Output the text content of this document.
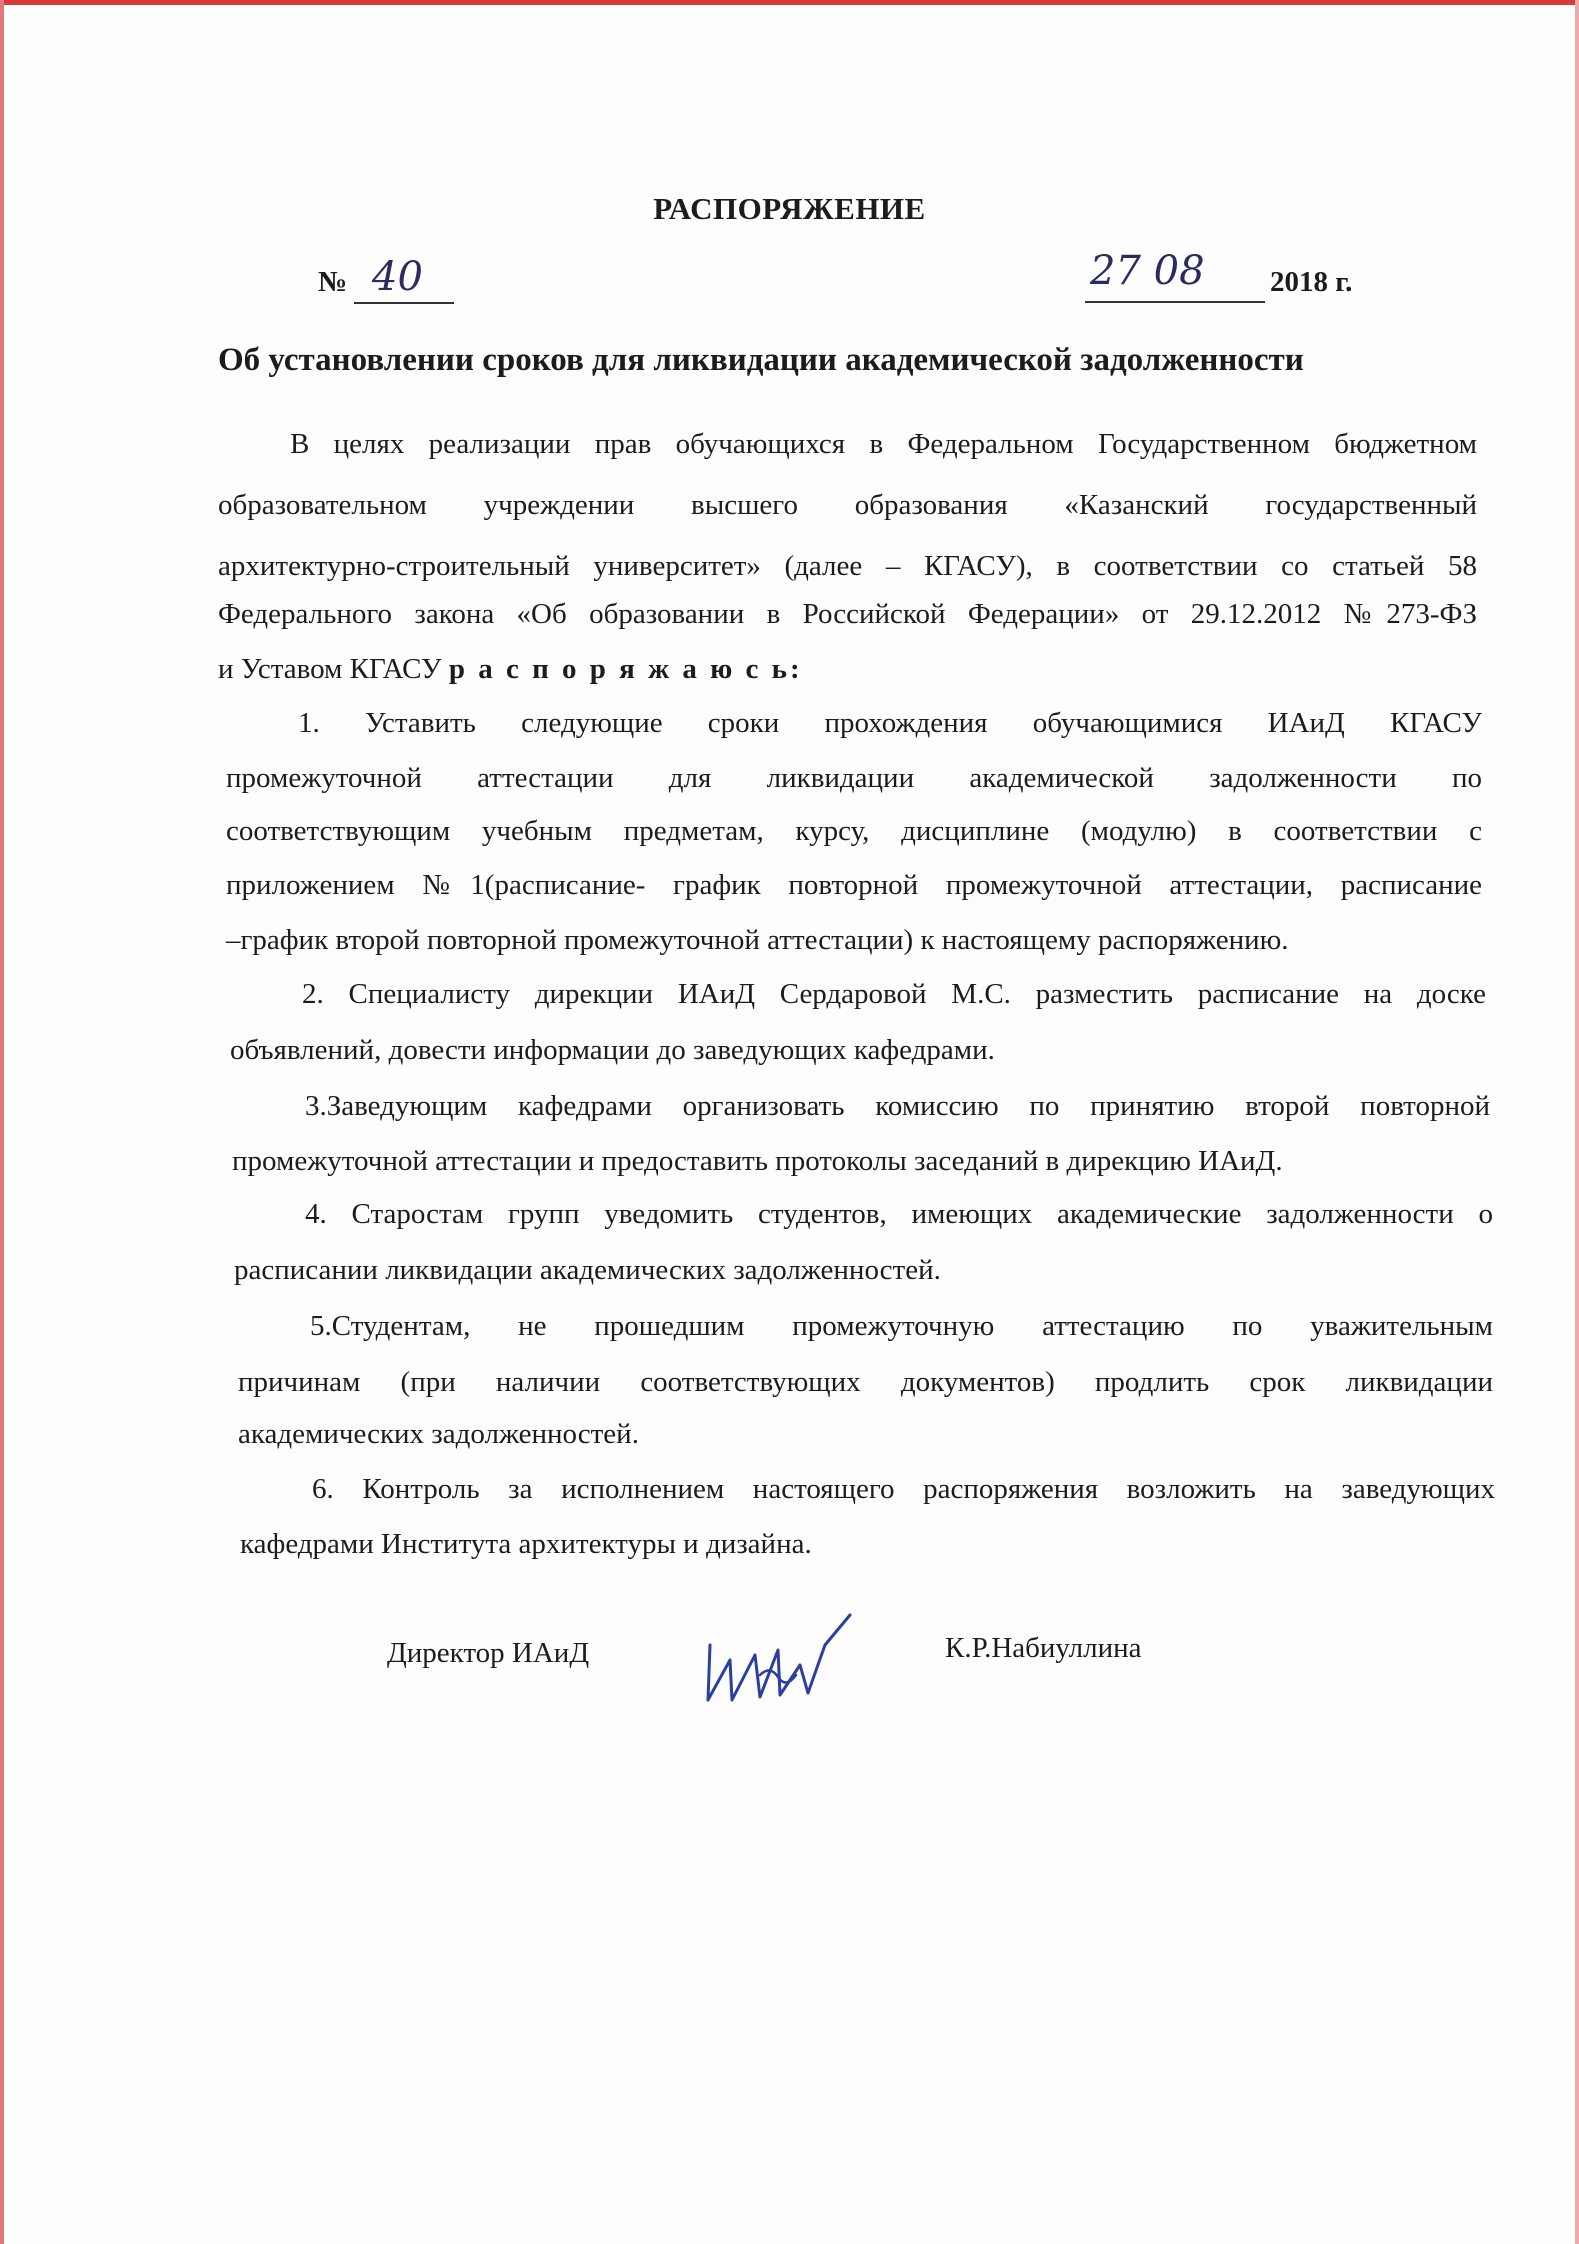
РАСПОРЯЖЕНИЕ
№ 40	27 08 2018 г.
Об установлении сроков для ликвидации академической задолженности
В целях реализации прав обучающихся в Федеральном Государственном бюджетном
образовательном учреждении высшего образования «Казанский государственный
архитектурно-строительный университет» (далее – КГАСУ), в соответствии со статьей 58
Федерального закона «Об образовании в Российской Федерации» от 29.12.2012 №273-ФЗ
и Уставом КГАСУ р а с п о р я ж а ю с ь:
1. Уставить следующие сроки прохождения обучающимися ИАиД КГАСУ
промежуточной аттестации для ликвидации академической задолженности по
соответствующим учебным предметам, курсу, дисциплине (модулю) в соответствии с
приложением №1(расписание- график повторной промежуточной аттестации, расписание
–график второй повторной промежуточной аттестации) к настоящему распоряжению.
2. Специалисту дирекции ИАиД Сердаровой М.С. разместить расписание на доске
объявлений, довести информации до заведующих кафедрами.
3.Заведующим кафедрами организовать комиссию по принятию второй повторной
промежуточной аттестации и предоставить протоколы заседаний в дирекцию ИАиД.
4. Старостам групп уведомить студентов, имеющих академические задолженности о
расписании ликвидации академических задолженностей.
5.Студентам, не прошедшим промежуточную аттестацию по уважительным
причинам (при наличии соответствующих документов) продлить срок ликвидации
академических задолженностей.
6. Контроль за исполнением настоящего распоряжения возложить на заведующих
кафедрами Института архитектуры и дизайна.
Директор ИАиД	К.Р.Набиуллина
